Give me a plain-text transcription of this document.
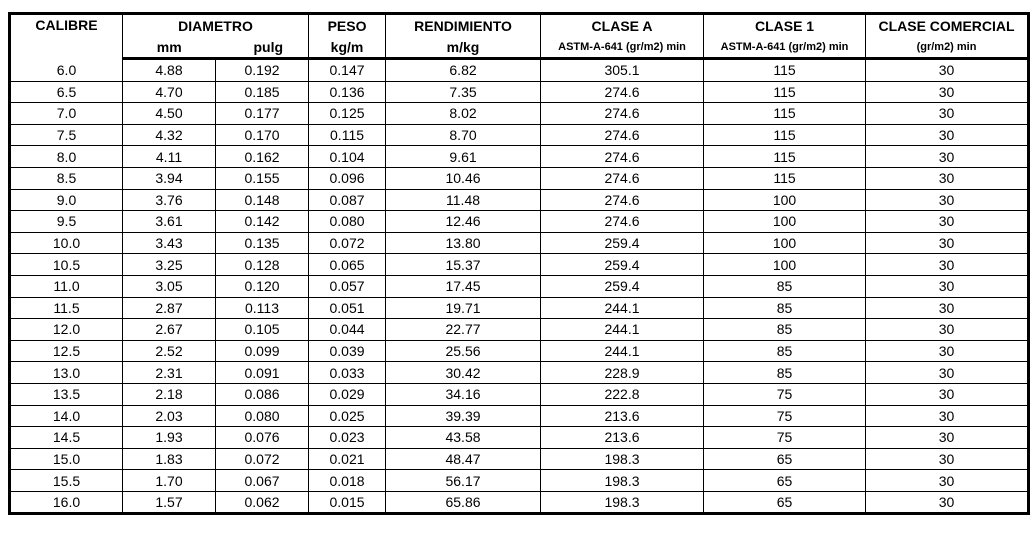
CALIBRE	DIAMETRO		PESO	RENDIMIENTO	CLASE A	CLASE 1	CLASE COMERCIAL
	mm	pulg	kg/m	m/kg	ASTM-A-641 (gr/m2) min	ASTM-A-641 (gr/m2) min	(gr/m2) min
6.0	4.88	0.192	0.147	6.82	305.1	115	30
6.5	4.70	0.185	0.136	7.35	274.6	115	30
7.0	4.50	0.177	0.125	8.02	274.6	115	30
7.5	4.32	0.170	0.115	8.70	274.6	115	30
8.0	4.11	0.162	0.104	9.61	274.6	115	30
8.5	3.94	0.155	0.096	10.46	274.6	115	30
9.0	3.76	0.148	0.087	11.48	274.6	100	30
9.5	3.61	0.142	0.080	12.46	274.6	100	30
10.0	3.43	0.135	0.072	13.80	259.4	100	30
10.5	3.25	0.128	0.065	15.37	259.4	100	30
11.0	3.05	0.120	0.057	17.45	259.4	85	30
11.5	2.87	0.113	0.051	19.71	244.1	85	30
12.0	2.67	0.105	0.044	22.77	244.1	85	30
12.5	2.52	0.099	0.039	25.56	244.1	85	30
13.0	2.31	0.091	0.033	30.42	228.9	85	30
13.5	2.18	0.086	0.029	34.16	222.8	75	30
14.0	2.03	0.080	0.025	39.39	213.6	75	30
14.5	1.93	0.076	0.023	43.58	213.6	75	30
15.0	1.83	0.072	0.021	48.47	198.3	65	30
15.5	1.70	0.067	0.018	56.17	198.3	65	30
16.0	1.57	0.062	0.015	65.86	198.3	65	30
